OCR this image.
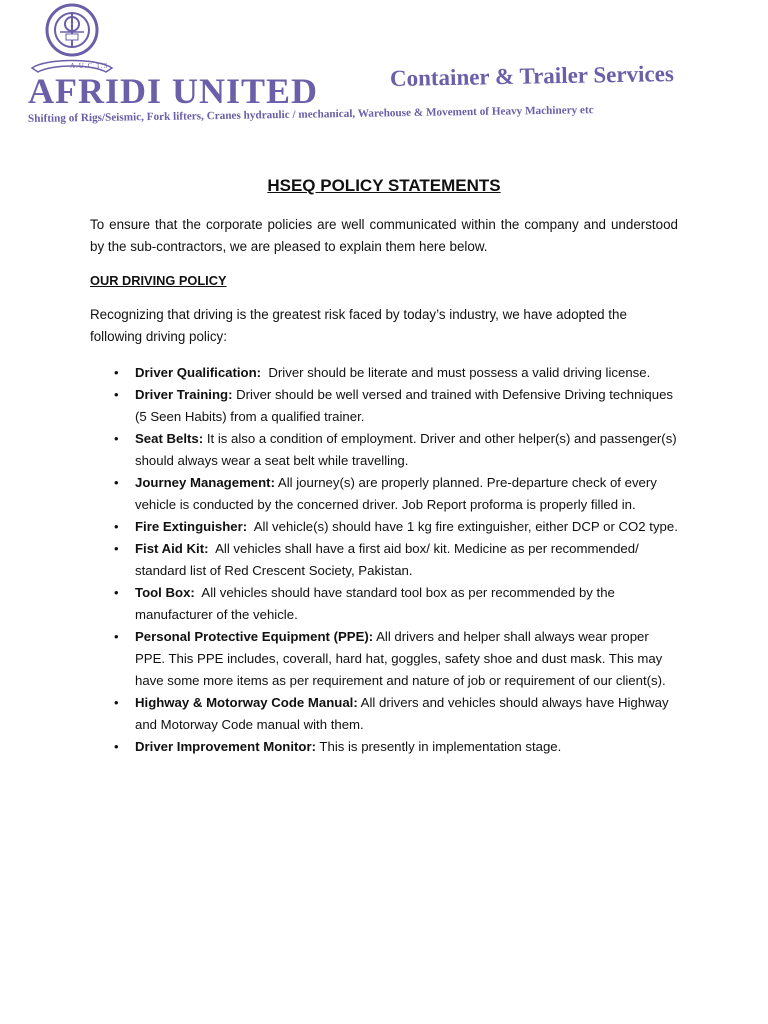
A.U.C.T.S
AFRIDI UNITED	Container & Trailer Services
Shifting of Rigs/Seismic, Fork lifters, Cranes hydraulic / mechanical, Warehouse & Movement of Heavy Machinery etc
HSEQ POLICY STATEMENTS

To ensure that the corporate policies are well communicated within the company and understood by the sub-contractors, we are pleased to explain them here below.

OUR DRIVING POLICY

Recognizing that driving is the greatest risk faced by today’s industry, we have adopted the following driving policy:

• Driver Qualification:  Driver should be literate and must possess a valid driving license.
• Driver Training: Driver should be well versed and trained with Defensive Driving techniques (5 Seen Habits) from a qualified trainer.
• Seat Belts: It is also a condition of employment. Driver and other helper(s) and passenger(s) should always wear a seat belt while travelling.
• Journey Management: All journey(s) are properly planned. Pre-departure check of every vehicle is conducted by the concerned driver. Job Report proforma is properly filled in.
• Fire Extinguisher:  All vehicle(s) should have 1 kg fire extinguisher, either DCP or CO2 type.
• Fist Aid Kit:  All vehicles shall have a first aid box/ kit. Medicine as per recommended/ standard list of Red Crescent Society, Pakistan.
• Tool Box:  All vehicles should have standard tool box as per recommended by the manufacturer of the vehicle.
• Personal Protective Equipment (PPE): All drivers and helper shall always wear proper PPE. This PPE includes, coverall, hard hat, goggles, safety shoe and dust mask. This may have some more items as per requirement and nature of job or requirement of our client(s).
• Highway & Motorway Code Manual: All drivers and vehicles should always have Highway and Motorway Code manual with them.
• Driver Improvement Monitor: This is presently in implementation stage.
